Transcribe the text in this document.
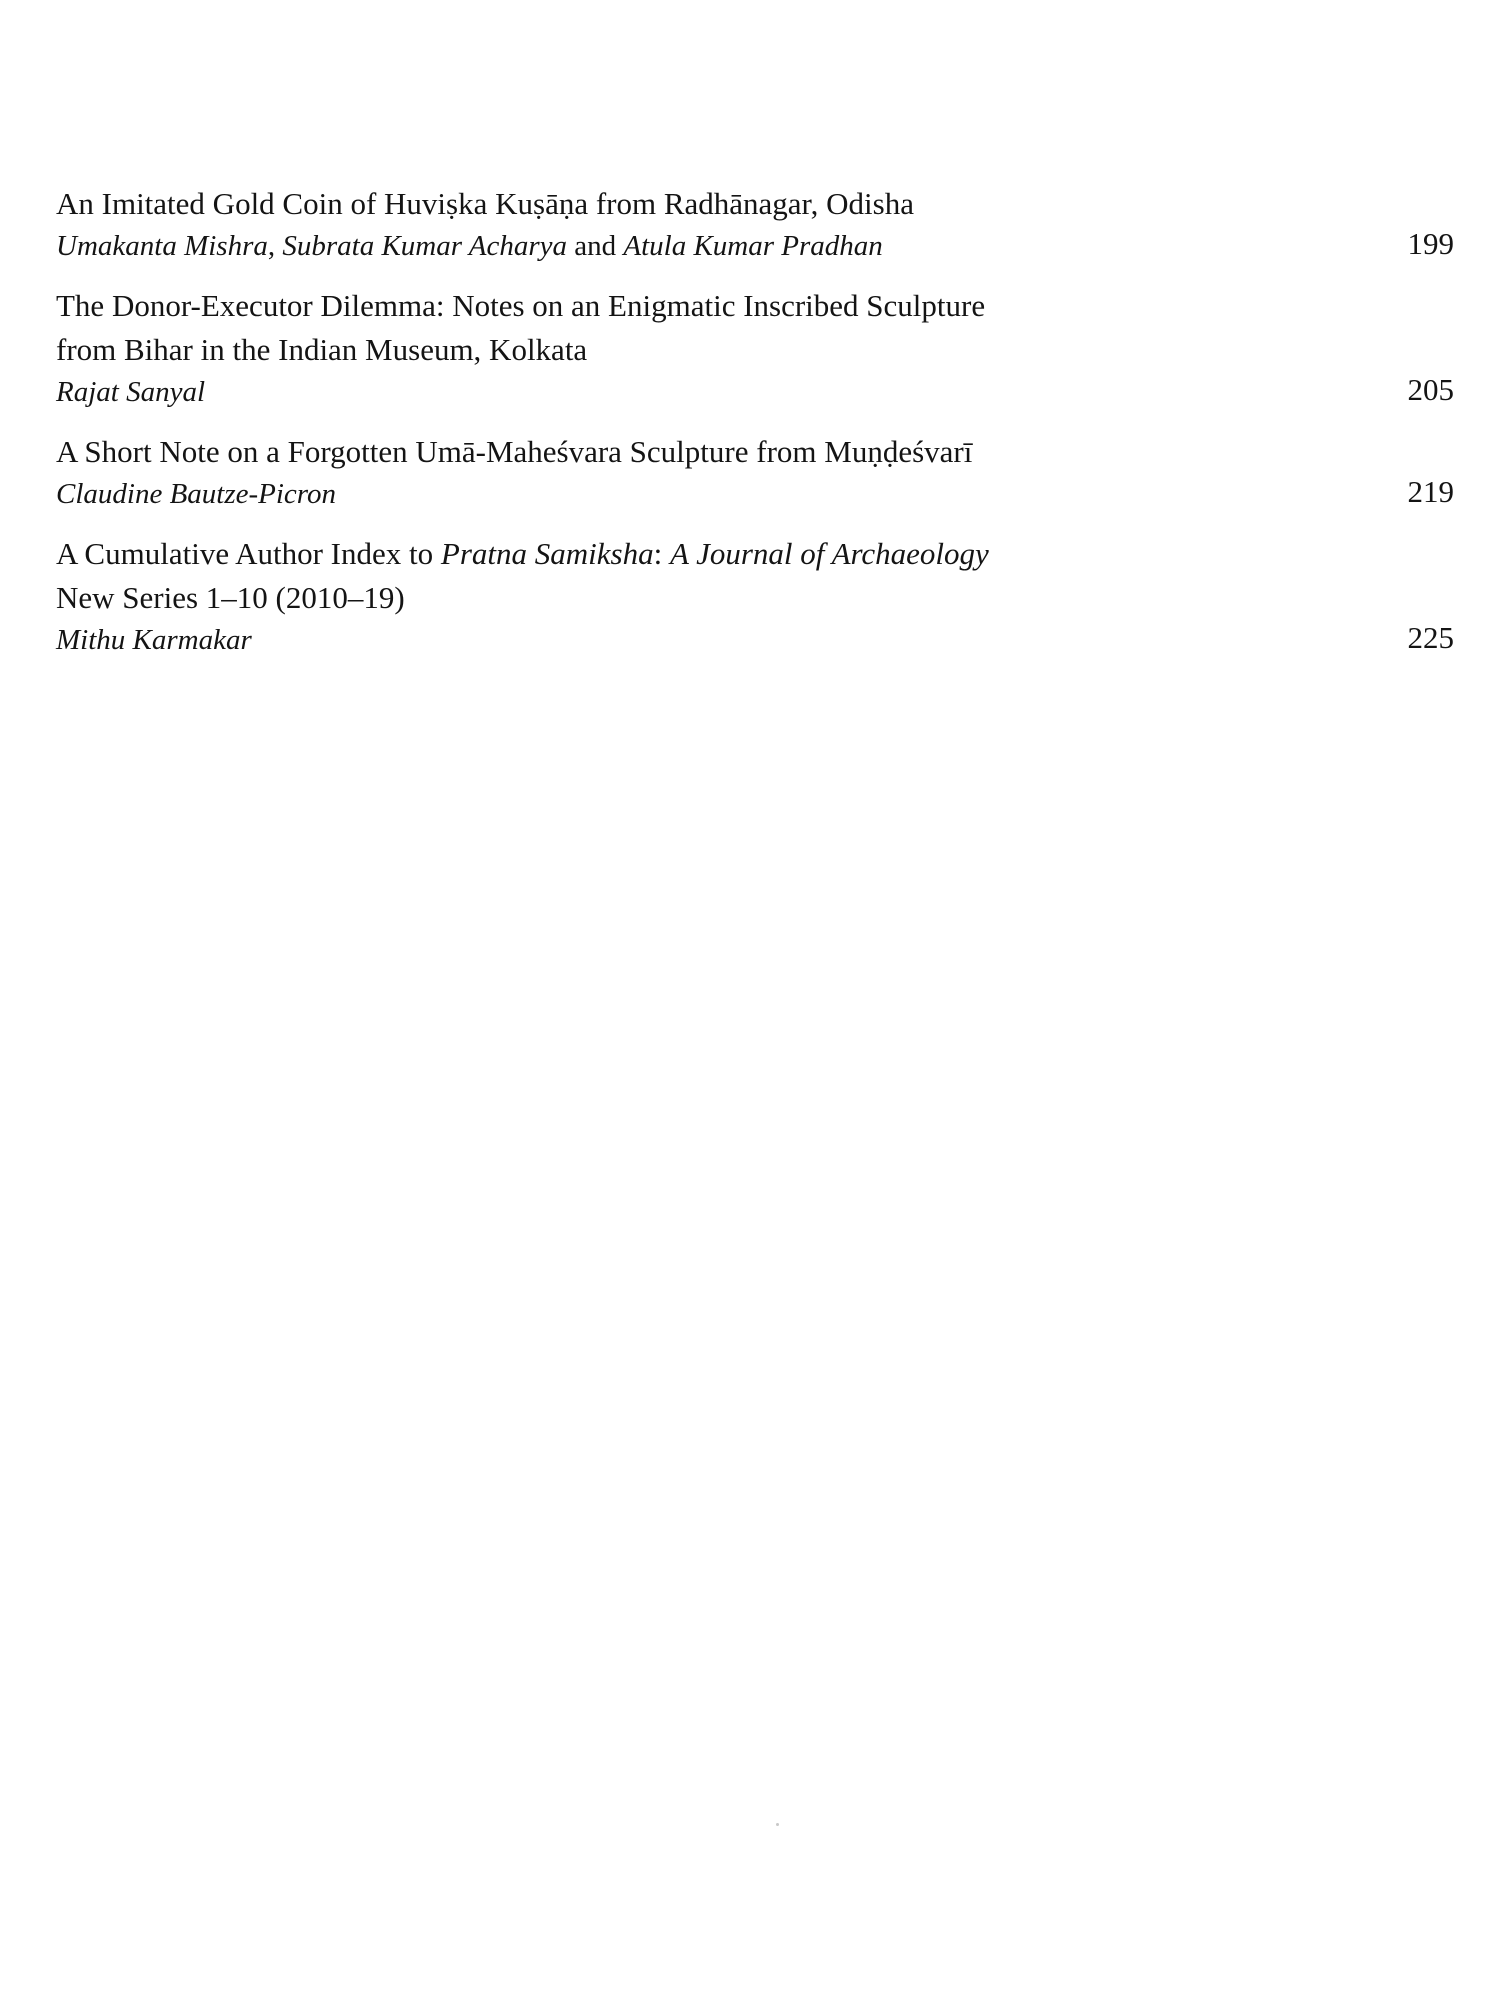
An Imitated Gold Coin of Huviṣka Kuṣāṇa from Radhānagar, Odisha
Umakanta Mishra, Subrata Kumar Acharya and Atula Kumar Pradhan	199
The Donor-Executor Dilemma: Notes on an Enigmatic Inscribed Sculpture
from Bihar in the Indian Museum, Kolkata
Rajat Sanyal	205
A Short Note on a Forgotten Umā-Maheśvara Sculpture from Muṇḍeśvarī
Claudine Bautze-Picron	219
A Cumulative Author Index to Pratna Samiksha: A Journal of Archaeology
New Series 1–10 (2010–19)
Mithu Karmakar	225
